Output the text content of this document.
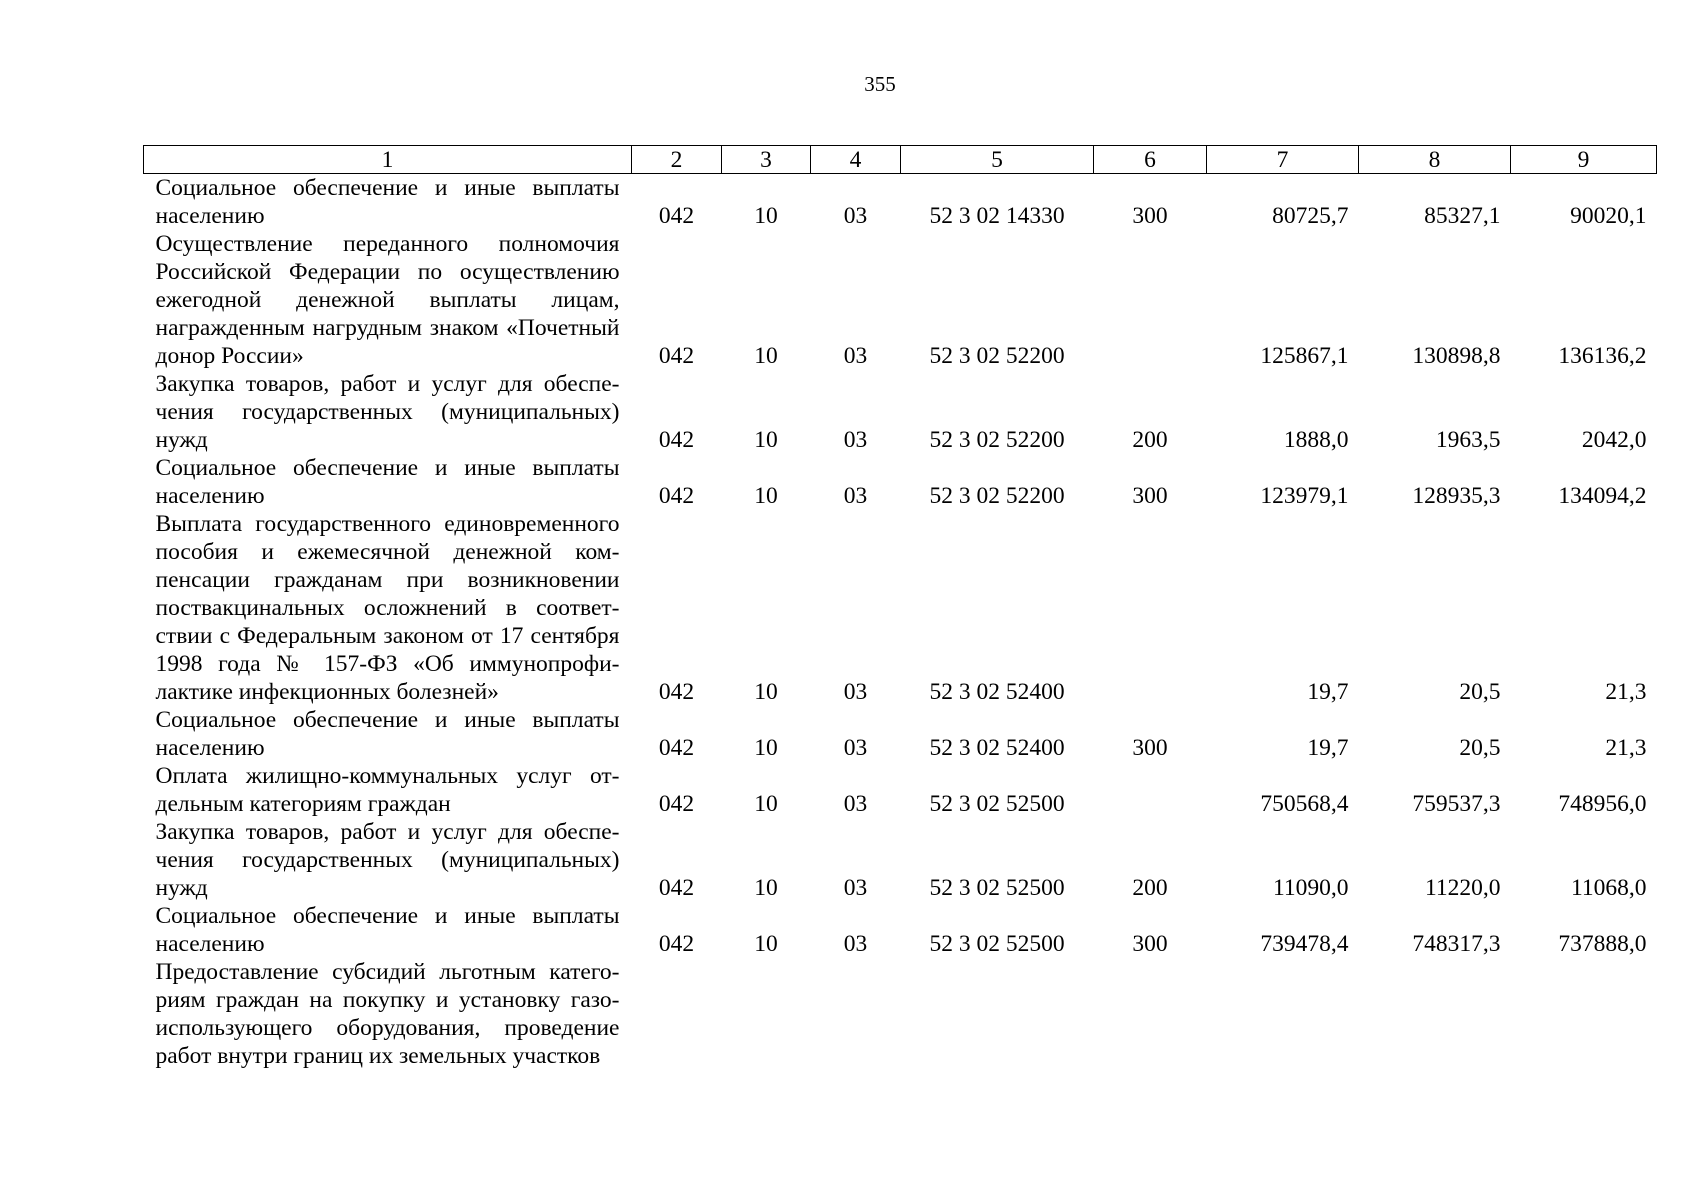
355
1	2	3	4	5	6	7	8	9
Социальное обеспечение и иные выплаты населению	042	10	03	52 3 02 14330	300	80725,7	85327,1	90020,1
Осуществление переданного полномочия Российской Федерации по осуществлению ежегодной денежной выплаты лицам, награжденным нагрудным знаком «Почетный донор России»	042	10	03	52 3 02 52200		125867,1	130898,8	136136,2
Закупка товаров, работ и услуг для обеспечения государственных (муниципальных) нужд	042	10	03	52 3 02 52200	200	1888,0	1963,5	2042,0
Социальное обеспечение и иные выплаты населению	042	10	03	52 3 02 52200	300	123979,1	128935,3	134094,2
Выплата государственного единовременного пособия и ежемесячной денежной компенсации гражданам при возникновении поствакцинальных осложнений в соответствии с Федеральным законом от 17 сентября 1998 года № 157-ФЗ «Об иммунопрофилактике инфекционных болезней»	042	10	03	52 3 02 52400		19,7	20,5	21,3
Социальное обеспечение и иные выплаты населению	042	10	03	52 3 02 52400	300	19,7	20,5	21,3
Оплата жилищно-коммунальных услуг отдельным категориям граждан	042	10	03	52 3 02 52500		750568,4	759537,3	748956,0
Закупка товаров, работ и услуг для обеспечения государственных (муниципальных) нужд	042	10	03	52 3 02 52500	200	11090,0	11220,0	11068,0
Социальное обеспечение и иные выплаты населению	042	10	03	52 3 02 52500	300	739478,4	748317,3	737888,0
Предоставление субсидий льготным категориям граждан на покупку и установку газоиспользующего оборудования, проведение работ внутри границ их земельных участков								
